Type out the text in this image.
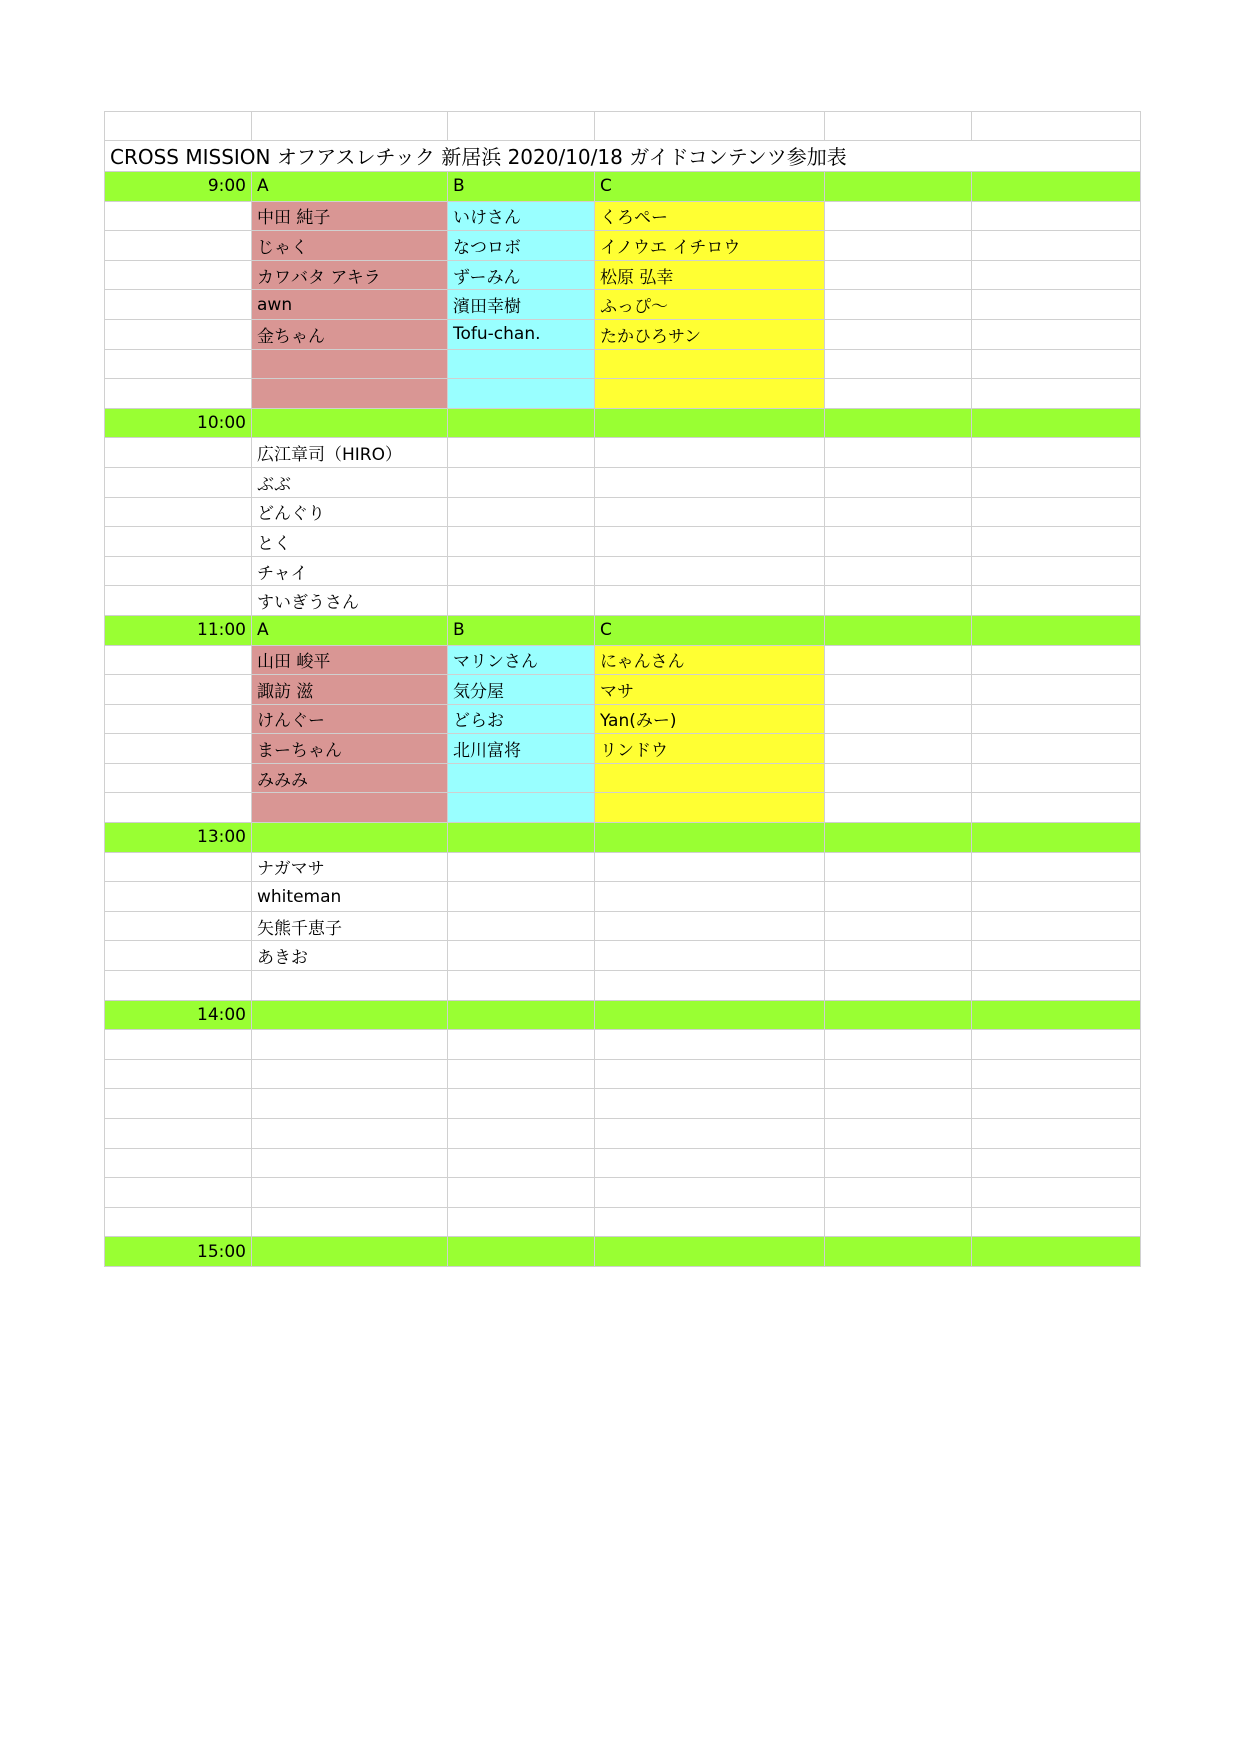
CROSS MISSION オフアスレチック 新居浜 2020/10/18 ガイドコンテンツ参加表					
9:00	A	B	C		
	中田 純子	いけさん	くろペー		
	じゃく	なつロボ	イノウエ イチロウ		
	カワバタ アキラ	ずーみん	松原 弘幸		
	awn	濱田幸樹	ふっぴ〜		
	金ちゃん	Tofu-chan.	たかひろサン		

10:00					
	広江章司（HIRO）				
	ぶぶ				
	どんぐり				
	とく				
	チャイ				
	すいぎうさん				
11:00	A	B	C		
	山田 峻平	マリンさん	にゃんさん		
	諏訪 滋	気分屋	マサ		
	けんぐー	どらお	Yan(みー)		
	まーちゃん	北川富将	リンドウ		
	みみみ				

13:00					
	ナガマサ				
	whiteman				
	矢熊千恵子				
	あきお				

14:00					

15:00					
